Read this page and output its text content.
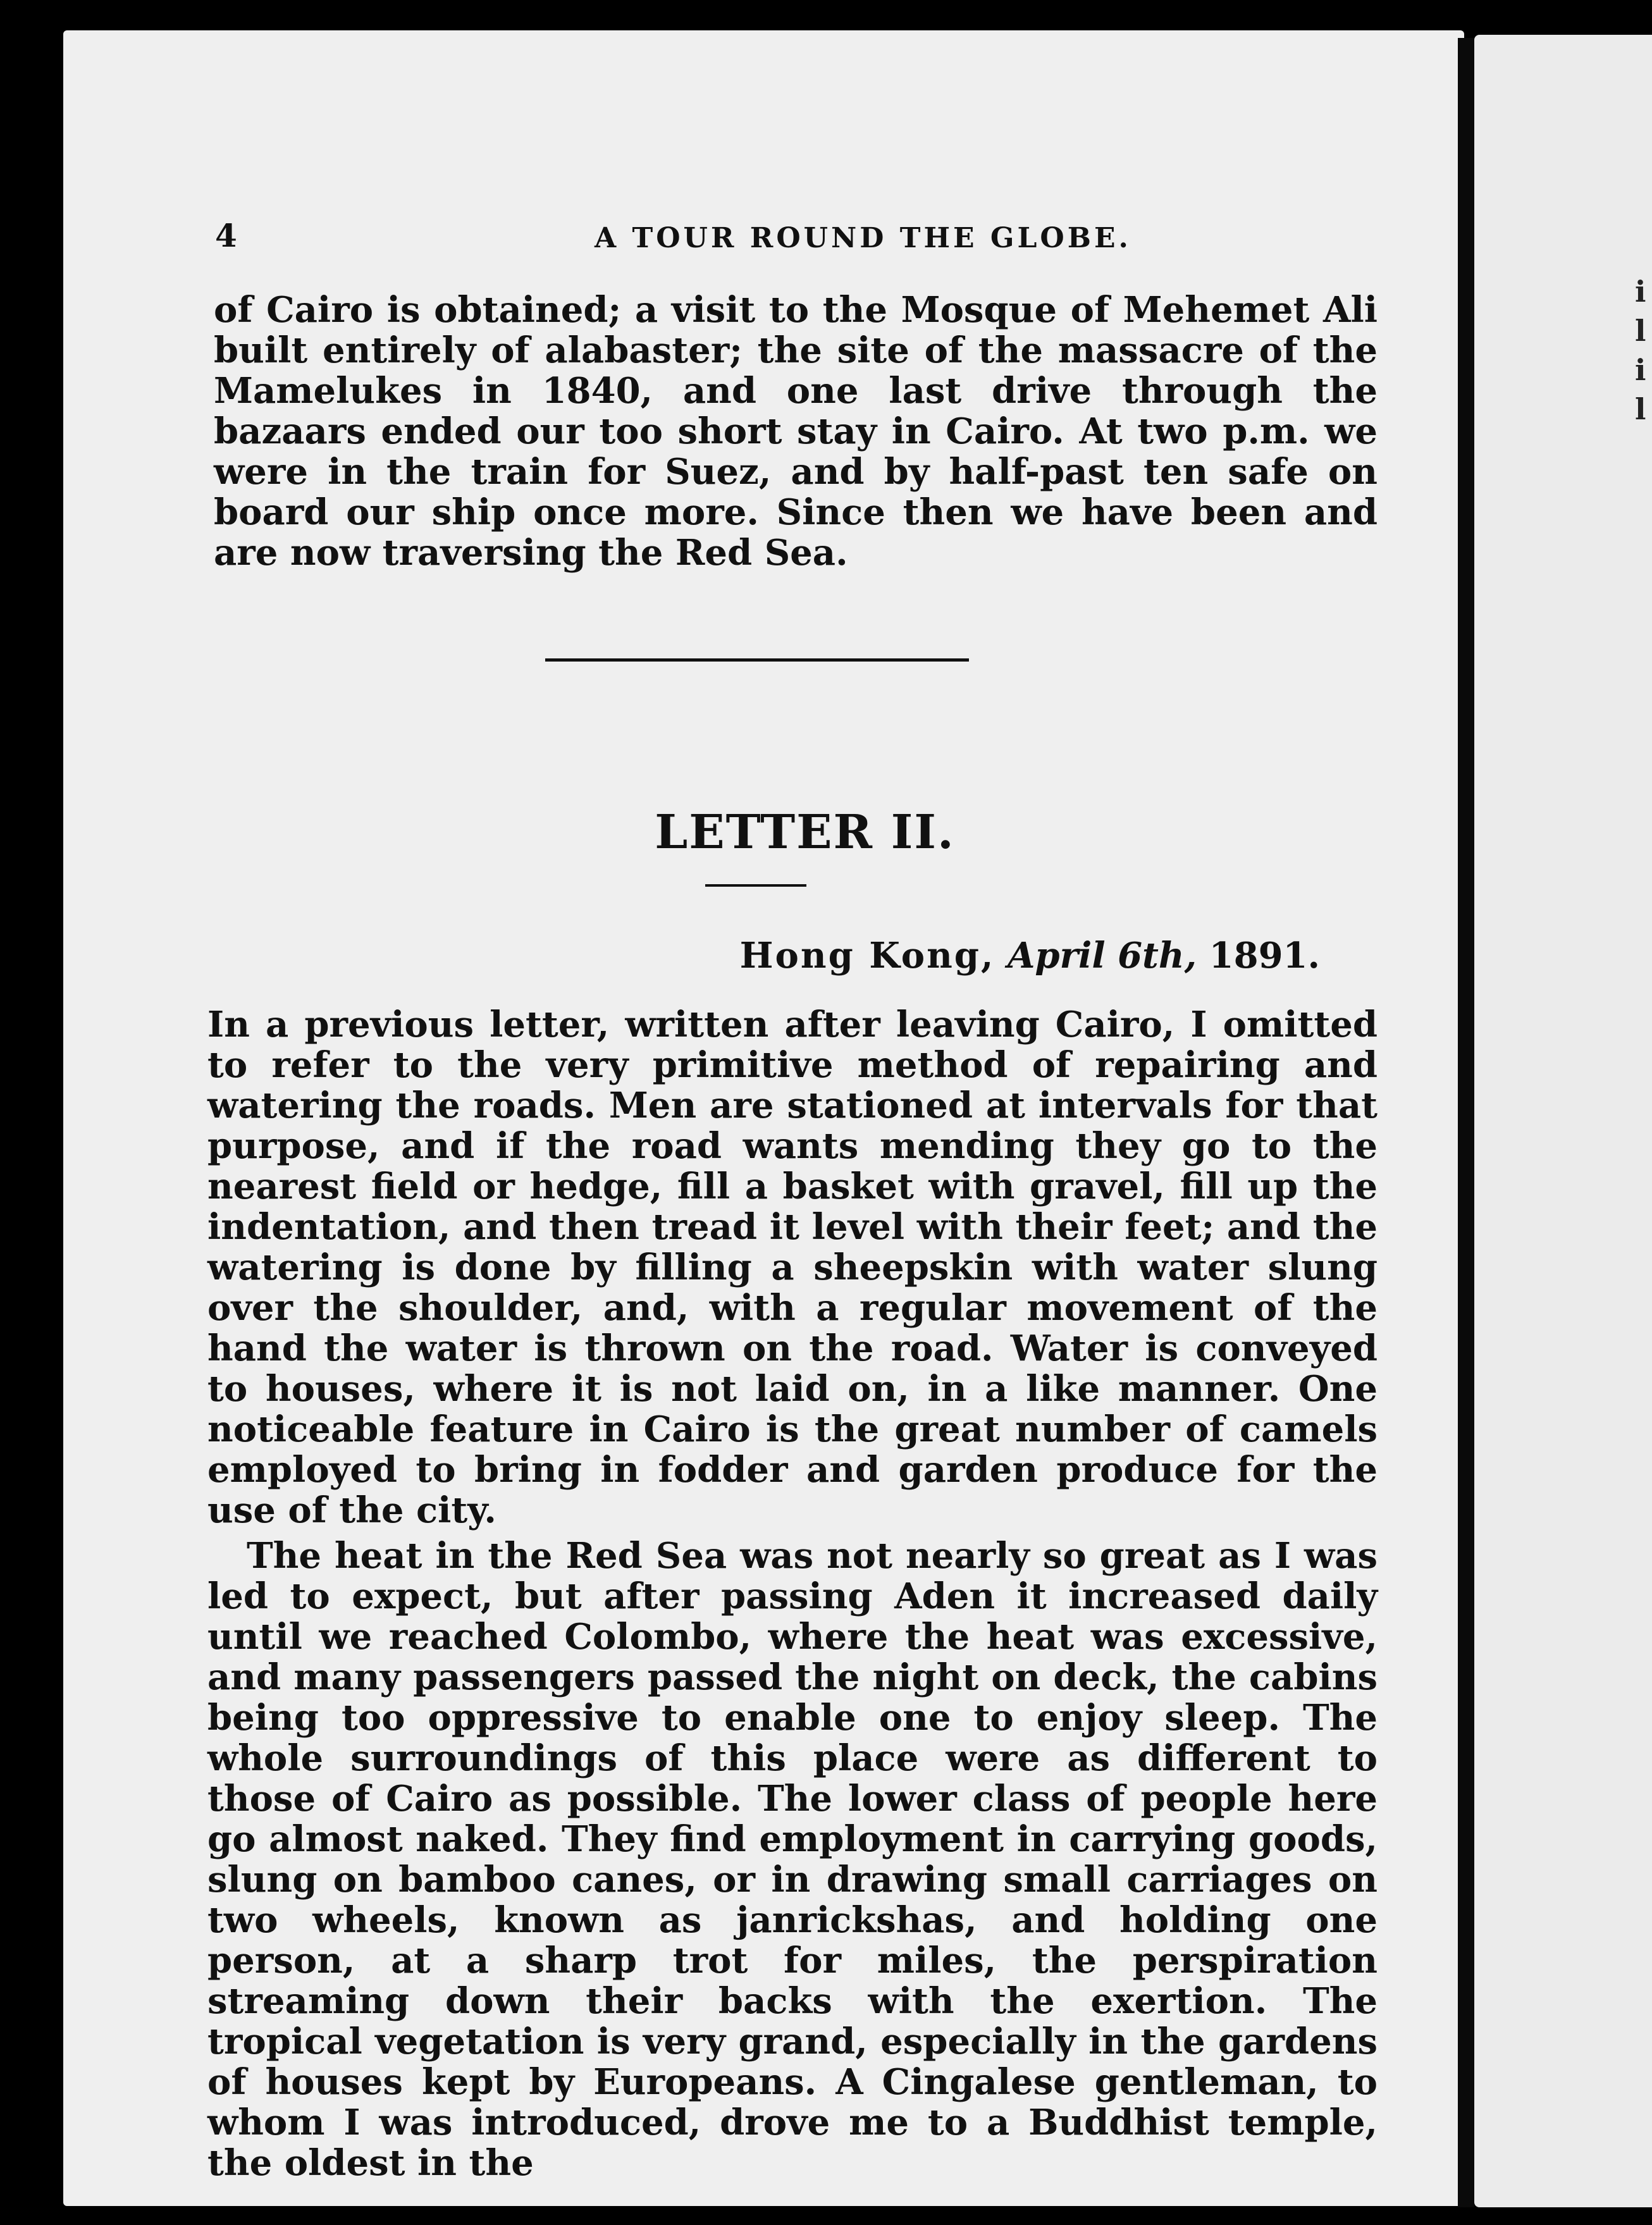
4	A TOUR ROUND THE GLOBE.
of Cairo is obtained; a visit to the Mosque of Mehemet Ali built entirely of alabaster; the site of the massacre of the Mamelukes in 1840, and one last drive through the bazaars ended our too short stay in Cairo. At two p.m. we were in the train for Suez, and by half-past ten safe on board our ship once more. Since then we have been and are now traversing the Red Sea.
LETTER II.
Hong Kong, April 6th, 1891.

In a previous letter, written after leaving Cairo, I omitted to refer to the very primitive method of repairing and watering the roads. Men are stationed at intervals for that purpose, and if the road wants mending they go to the nearest field or hedge, fill a basket with gravel, fill up the indentation, and then tread it level with their feet; and the watering is done by filling a sheepskin with water slung over the shoulder, and, with a regular movement of the hand the water is thrown on the road. Water is conveyed to houses, where it is not laid on, in a like manner. One noticeable feature in Cairo is the great number of camels employed to bring in fodder and garden produce for the use of the city.

The heat in the Red Sea was not nearly so great as I was led to expect, but after passing Aden it increased daily until we reached Colombo, where the heat was excessive, and many passengers passed the night on deck, the cabins being too oppressive to enable one to enjoy sleep. The whole surroundings of this place were as different to those of Cairo as possible. The lower class of people here go almost naked. They find employment in carrying goods, slung on bamboo canes, or in drawing small carriages on two wheels, known as janrickshas, and holding one person, at a sharp trot for miles, the perspiration streaming down their backs with the exertion. The tropical vegetation is very grand, especially in the gardens of houses kept by Europeans. A Cingalese gentleman, to whom I was introduced, drove me to a Buddhist temple, the oldest in the

i
l
i
l
